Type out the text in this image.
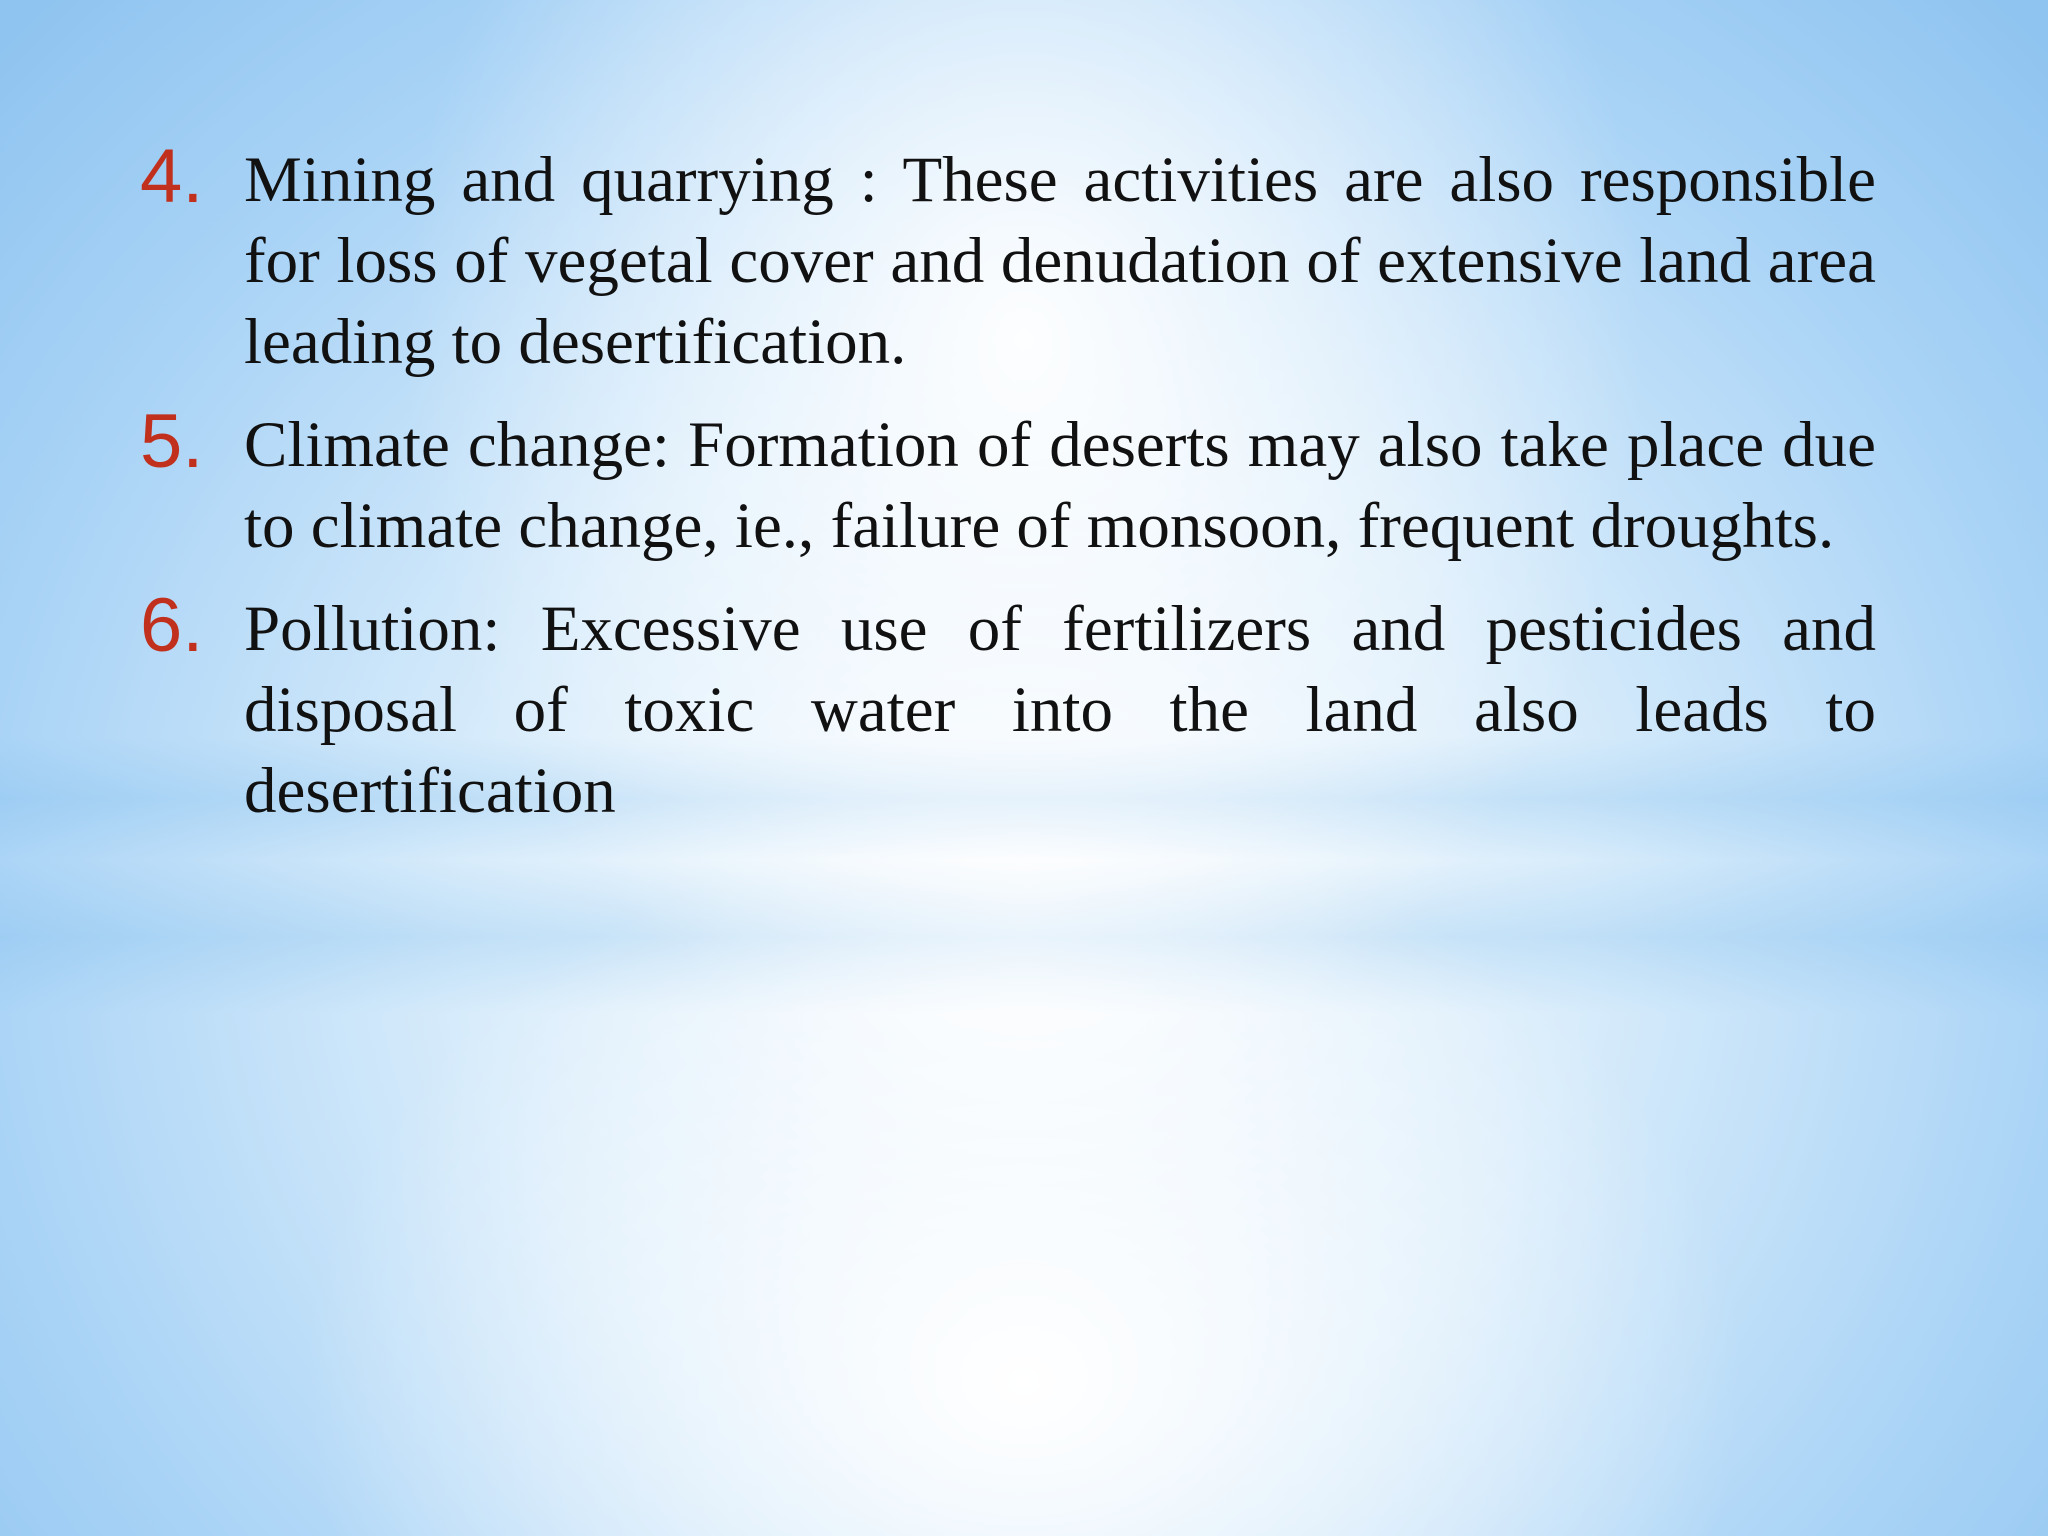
4. Mining and quarrying : These activities are also responsible for loss of vegetal cover and denudation of extensive land area leading to desertification.
5. Climate change: Formation of deserts may also take place due to climate change, ie., failure of monsoon, frequent droughts.
6. Pollution: Excessive use of fertilizers and pesticides and disposal of toxic water into the land also leads to desertification
